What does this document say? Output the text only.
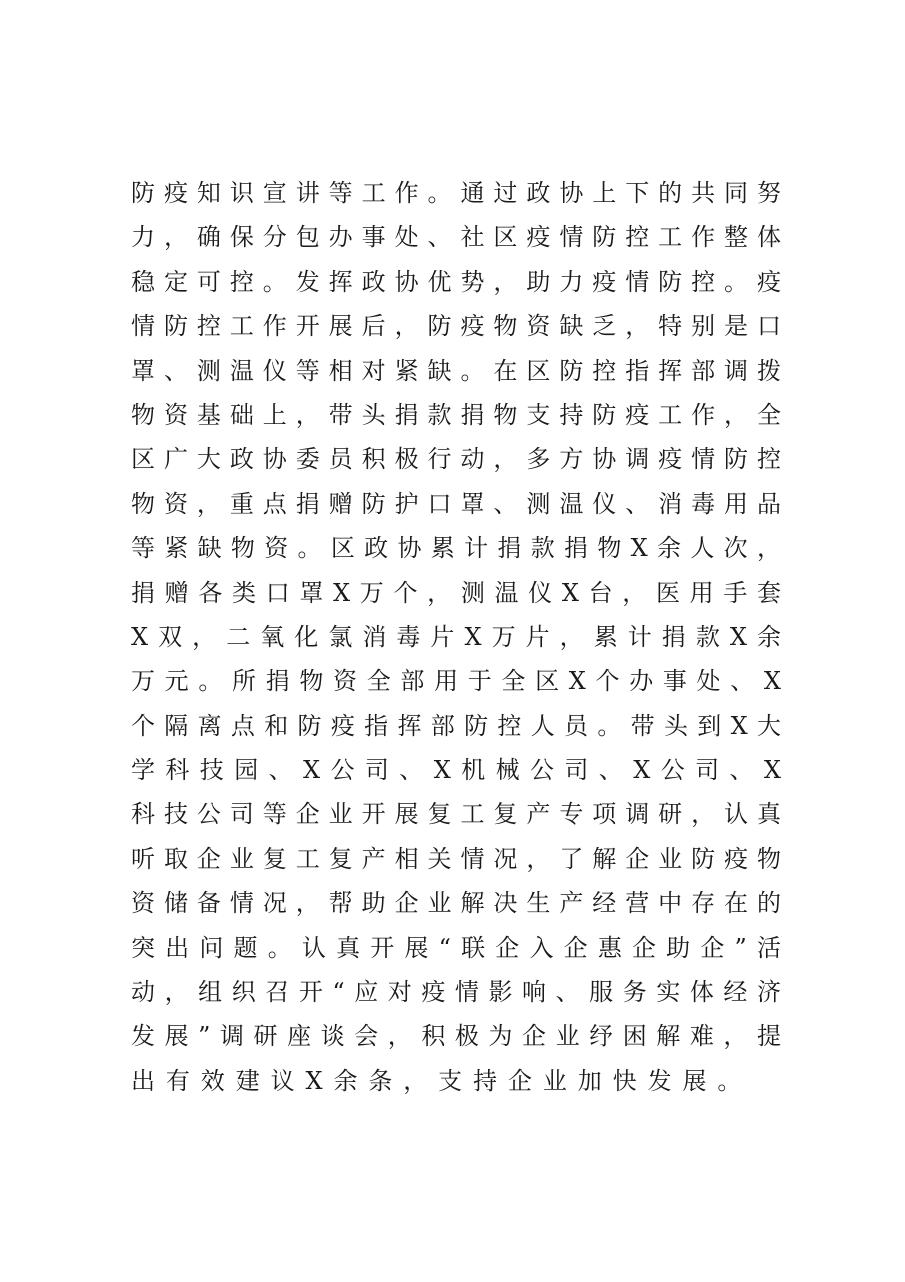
防疫知识宣讲等工作。通过政协上下的共同努
力，确保分包办事处、社区疫情防控工作整体
稳定可控。发挥政协优势，助力疫情防控。疫
情防控工作开展后，防疫物资缺乏，特别是口
罩、测温仪等相对紧缺。在区防控指挥部调拨
物资基础上，带头捐款捐物支持防疫工作，全
区广大政协委员积极行动，多方协调疫情防控
物资，重点捐赠防护口罩、测温仪、消毒用品
等紧缺物资。区政协累计捐款捐物X余人次，
捐赠各类口罩X万个，测温仪X台，医用手套
X双，二氧化氯消毒片X万片，累计捐款X余
万元。所捐物资全部用于全区X个办事处、X
个隔离点和防疫指挥部防控人员。带头到X大
学科技园、X公司、X机械公司、X公司、X
科技公司等企业开展复工复产专项调研，认真
听取企业复工复产相关情况，了解企业防疫物
资储备情况，帮助企业解决生产经营中存在的
突出问题。认真开展“联企入企惠企助企”活
动，组织召开“应对疫情影响、服务实体经济
发展”调研座谈会，积极为企业纾困解难，提
出有效建议X余条，支持企业加快发展。
